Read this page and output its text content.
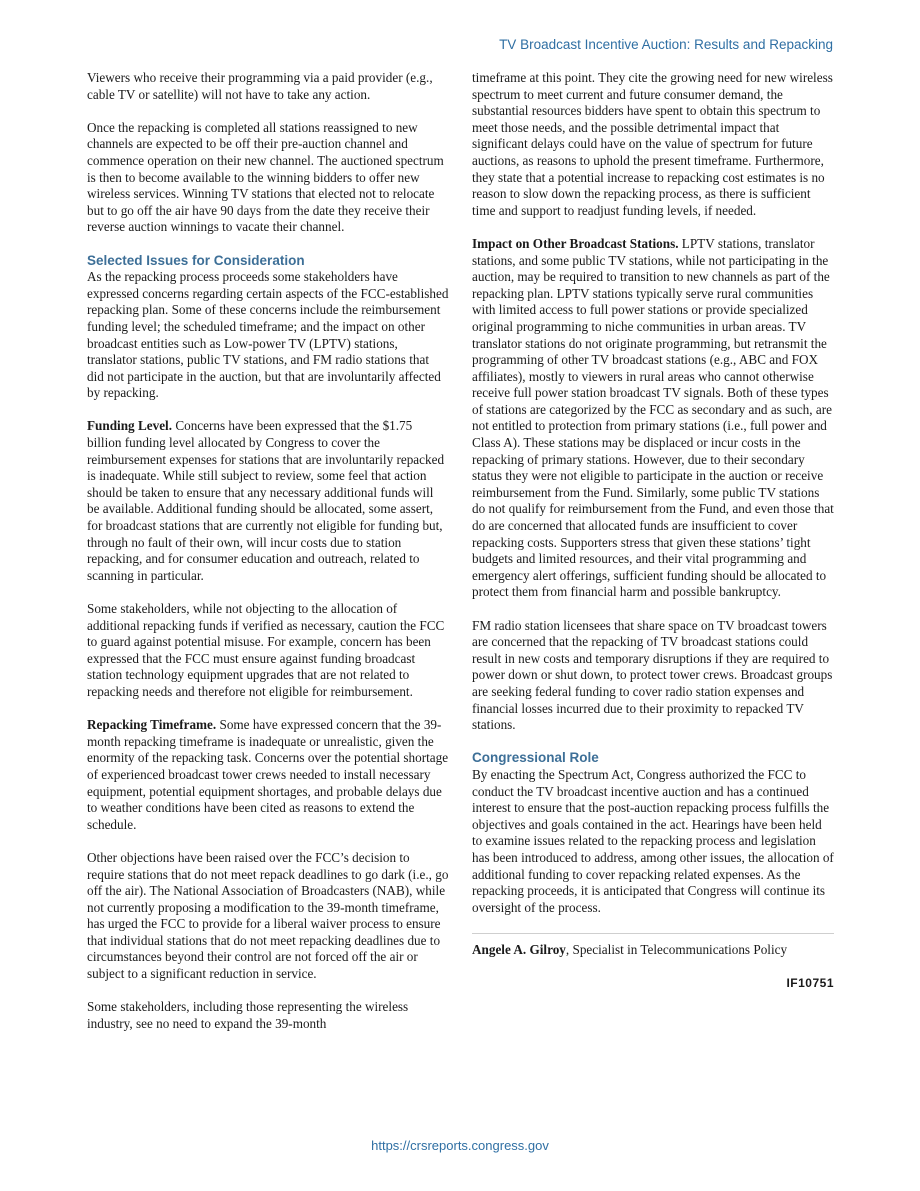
TV Broadcast Incentive Auction: Results and Repacking

Viewers who receive their programming via a paid provider (e.g., cable TV or satellite) will not have to take any action.

Once the repacking is completed all stations reassigned to new channels are expected to be off their pre-auction channel and commence operation on their new channel. The auctioned spectrum is then to become available to the winning bidders to offer new wireless services. Winning TV stations that elected not to relocate but to go off the air have 90 days from the date they receive their reverse auction winnings to vacate their channel.

Selected Issues for Consideration

As the repacking process proceeds some stakeholders have expressed concerns regarding certain aspects of the FCC-established repacking plan. Some of these concerns include the reimbursement funding level; the scheduled timeframe; and the impact on other broadcast entities such as Low-power TV (LPTV) stations, translator stations, public TV stations, and FM radio stations that did not participate in the auction, but that are involuntarily affected by repacking.

Funding Level. Concerns have been expressed that the $1.75 billion funding level allocated by Congress to cover the reimbursement expenses for stations that are involuntarily repacked is inadequate. While still subject to review, some feel that action should be taken to ensure that any necessary additional funds will be available. Additional funding should be allocated, some assert, for broadcast stations that are currently not eligible for funding but, through no fault of their own, will incur costs due to station repacking, and for consumer education and outreach, related to scanning in particular.

Some stakeholders, while not objecting to the allocation of additional repacking funds if verified as necessary, caution the FCC to guard against potential misuse. For example, concern has been expressed that the FCC must ensure against funding broadcast station technology equipment upgrades that are not related to repacking needs and therefore not eligible for reimbursement.

Repacking Timeframe. Some have expressed concern that the 39-month repacking timeframe is inadequate or unrealistic, given the enormity of the repacking task. Concerns over the potential shortage of experienced broadcast tower crews needed to install necessary equipment, potential equipment shortages, and probable delays due to weather conditions have been cited as reasons to extend the schedule.

Other objections have been raised over the FCC’s decision to require stations that do not meet repack deadlines to go dark (i.e., go off the air). The National Association of Broadcasters (NAB), while not currently proposing a modification to the 39-month timeframe, has urged the FCC to provide for a liberal waiver process to ensure that individual stations that do not meet repacking deadlines due to circumstances beyond their control are not forced off the air or subject to a significant reduction in service.

Some stakeholders, including those representing the wireless industry, see no need to expand the 39-month

timeframe at this point. They cite the growing need for new wireless spectrum to meet current and future consumer demand, the substantial resources bidders have spent to obtain this spectrum to meet those needs, and the possible detrimental impact that significant delays could have on the value of spectrum for future auctions, as reasons to uphold the present timeframe. Furthermore, they state that a potential increase to repacking cost estimates is no reason to slow down the repacking process, as there is sufficient time and support to readjust funding levels, if needed.

Impact on Other Broadcast Stations. LPTV stations, translator stations, and some public TV stations, while not participating in the auction, may be required to transition to new channels as part of the repacking plan. LPTV stations typically serve rural communities with limited access to full power stations or provide specialized original programming to niche communities in urban areas. TV translator stations do not originate programming, but retransmit the programming of other TV broadcast stations (e.g., ABC and FOX affiliates), mostly to viewers in rural areas who cannot otherwise receive full power station broadcast TV signals. Both of these types of stations are categorized by the FCC as secondary and as such, are not entitled to protection from primary stations (i.e., full power and Class A). These stations may be displaced or incur costs in the repacking of primary stations. However, due to their secondary status they were not eligible to participate in the auction or receive reimbursement from the Fund. Similarly, some public TV stations do not qualify for reimbursement from the Fund, and even those that do are concerned that allocated funds are insufficient to cover repacking costs. Supporters stress that given these stations’ tight budgets and limited resources, and their vital programming and emergency alert offerings, sufficient funding should be allocated to protect them from financial harm and possible bankruptcy.

FM radio station licensees that share space on TV broadcast towers are concerned that the repacking of TV broadcast stations could result in new costs and temporary disruptions if they are required to power down or shut down, to protect tower crews. Broadcast groups are seeking federal funding to cover radio station expenses and financial losses incurred due to their proximity to repacked TV stations.

Congressional Role

By enacting the Spectrum Act, Congress authorized the FCC to conduct the TV broadcast incentive auction and has a continued interest to ensure that the post-auction repacking process fulfills the objectives and goals contained in the act. Hearings have been held to examine issues related to the repacking process and legislation has been introduced to address, among other issues, the allocation of additional funding to cover repacking related expenses. As the repacking proceeds, it is anticipated that Congress will continue its oversight of the process.

Angele A. Gilroy, Specialist in Telecommunications Policy

IF10751

https://crsreports.congress.gov
